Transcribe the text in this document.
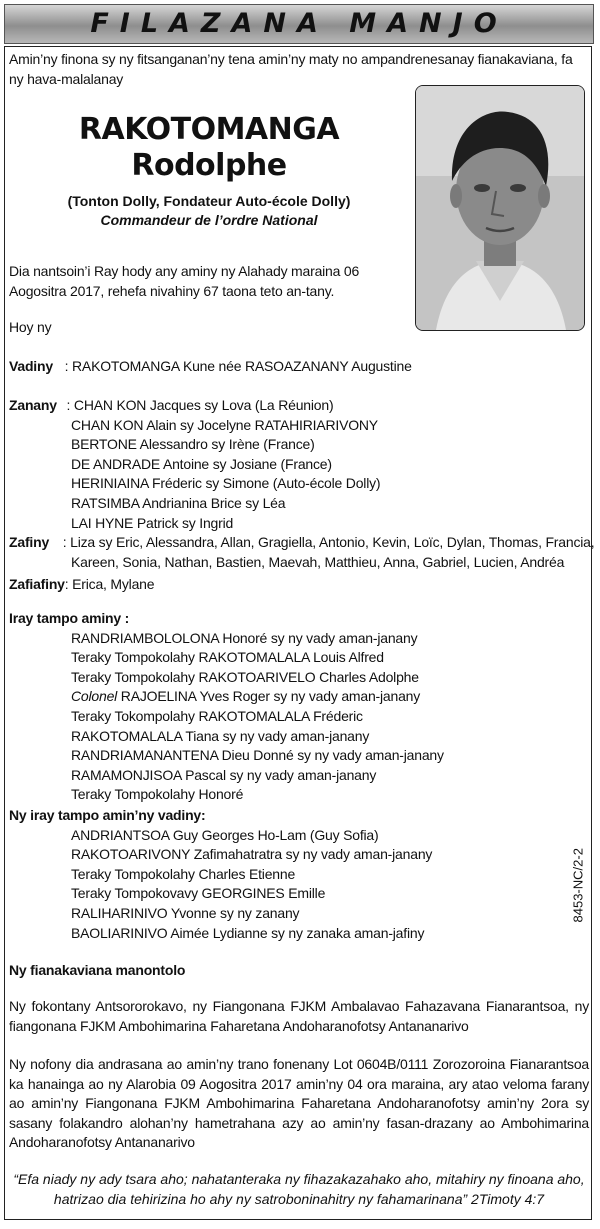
FILAZANA MANJO

Amin’ny finona sy ny fitsanganan’ny tena amin’ny maty no ampandrenesanay fianakaviana, fa ny hava-malalanay

RAKOTOMANGA
Rodolphe
(Tonton Dolly, Fondateur Auto-école Dolly)
Commandeur de l’ordre National
Dia nantsoin’i Ray hody any aminy ny Alahady maraina 06 Aogositra 2017, rehefa nivahiny 67 taona teto an-tany.
Hoy ny
Vadiny : RAKOTOMANGA Kune née RASOAZANANY Augustine
Zanany : CHAN KON Jacques sy Lova (La Réunion)
CHAN KON Alain sy Jocelyne RATAHIRIARIVONY
BERTONE Alessandro sy Irène (France)
DE ANDRADE Antoine sy Josiane (France)
HERINIAINA Fréderic sy Simone (Auto-école Dolly)
RATSIMBA Andrianina Brice sy Léa
LAI HYNE Patrick sy Ingrid
Zafiny : Liza sy Eric, Alessandra, Allan, Gragiella, Antonio, Kevin, Loïc, Dylan, Thomas, Francia,
Kareen, Sonia, Nathan, Bastien, Maevah, Matthieu, Anna, Gabriel, Lucien, Andréa
Zafiafiny: Erica, Mylane
Iray tampo aminy :
RANDRIAMBOLOLONA Honoré sy ny vady aman-janany
Teraky Tompokolahy RAKOTOMALALA Louis Alfred
Teraky Tompokolahy RAKOTOARIVELO Charles Adolphe
Colonel RAJOELINA Yves Roger sy ny vady aman-janany
Teraky Tokompolahy RAKOTOMALALA Fréderic
RAKOTOMALALA Tiana sy ny vady aman-janany
RANDRIAMANANTENA Dieu Donné sy ny vady aman-janany
RAMAMONJISOA Pascal sy ny vady aman-janany
Teraky Tompokolahy Honoré
Ny iray tampo amin’ny vadiny:
ANDRIANTSOA Guy Georges Ho-Lam (Guy Sofia)
RAKOTOARIVONY Zafimahatratra sy ny vady aman-janany
Teraky Tompokolahy Charles Etienne
Teraky Tompokovavy GEORGINES Emille
RALIHARINIVO Yvonne sy ny zanany
BAOLIARINIVO Aimée Lydianne sy ny zanaka aman-jafiny
8453-NC/2-2
Ny fianakaviana manontolo
Ny fokontany Antsororokavo, ny Fiangonana FJKM Ambalavao Fahazavana Fianarantsoa, ny fiangonana FJKM Ambohimarina Faharetana Andoharanofotsy Antananarivo
Ny nofony dia andrasana ao amin’ny trano fonenany Lot 0604B/0111 Zorozoroina Fianarantsoa ka hanainga ao ny Alarobia 09 Aogositra 2017 amin’ny 04 ora maraina, ary atao veloma farany ao amin’ny Fiangonana FJKM Ambohimarina Faharetana Andoharanofotsy amin’ny 2ora sy sasany folakandro alohan’ny hametrahana azy ao amin’ny fasan-drazany ao Ambohimarina Andoharanofotsy Antananarivo
“Efa niady ny ady tsara aho; nahatanteraka ny fihazakazahako aho, mitahiry ny finoana aho,
hatrizao dia tehirizina ho ahy ny satroboninahitry ny fahamarinana” 2Timoty 4:7
